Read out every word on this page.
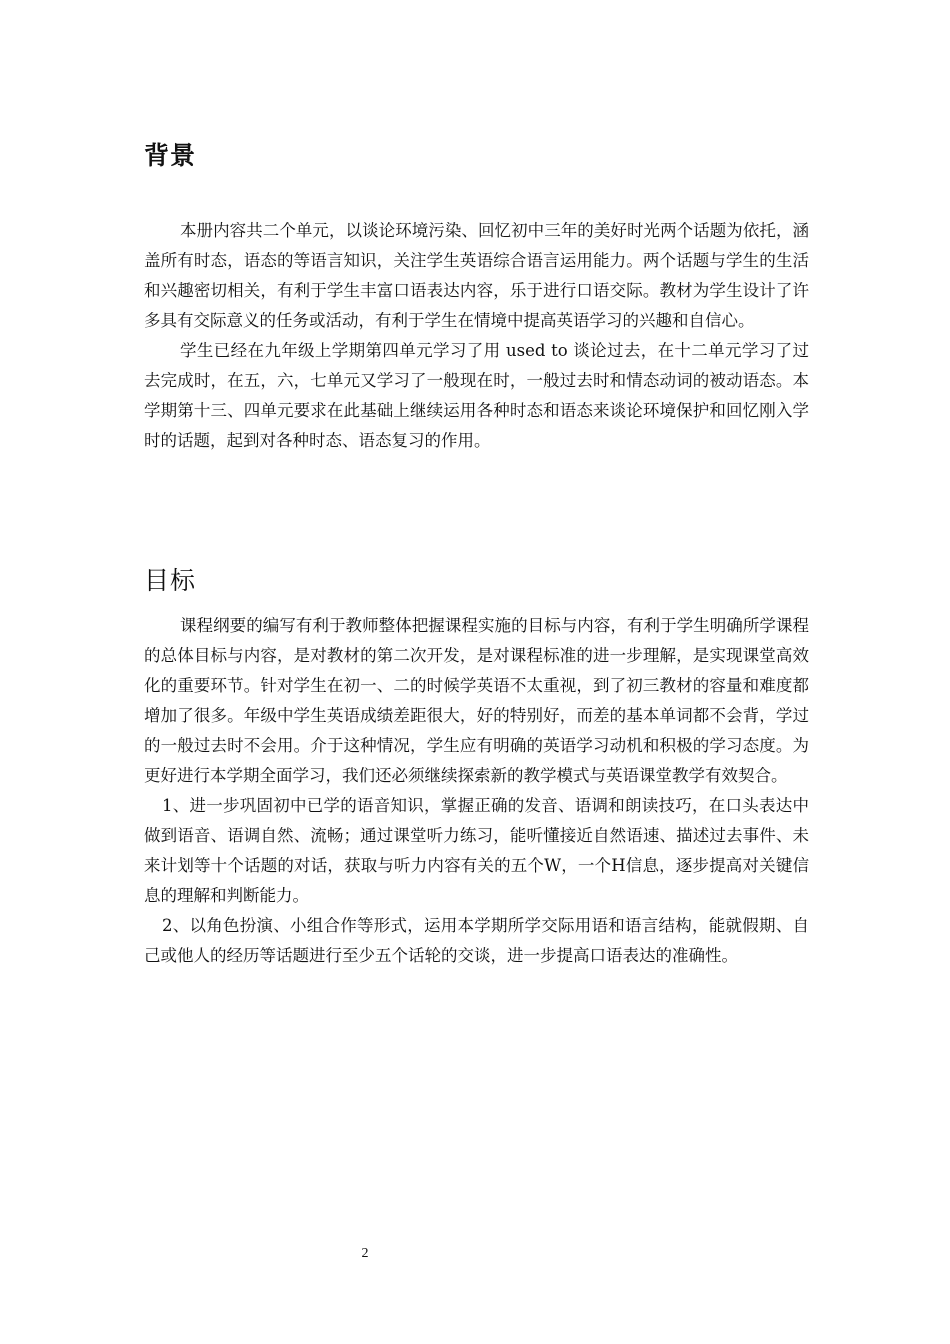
背景

本册内容共二个单元，以谈论环境污染、回忆初中三年的美好时光两个话题为依托，涵盖所有时态，语态的等语言知识，关注学生英语综合语言运用能力。两个话题与学生的生活和兴趣密切相关，有利于学生丰富口语表达内容，乐于进行口语交际。教材为学生设计了许多具有交际意义的任务或活动，有利于学生在情境中提高英语学习的兴趣和自信心。

学生已经在九年级上学期第四单元学习了用 used to 谈论过去，在十二单元学习了过去完成时，在五，六，七单元又学习了一般现在时，一般过去时和情态动词的被动语态。本学期第十三、四单元要求在此基础上继续运用各种时态和语态来谈论环境保护和回忆刚入学时的话题，起到对各种时态、语态复习的作用。

目标

课程纲要的编写有利于教师整体把握课程实施的目标与内容，有利于学生明确所学课程的总体目标与内容，是对教材的第二次开发，是对课程标准的进一步理解，是实现课堂高效化的重要环节。针对学生在初一、二的时候学英语不太重视，到了初三教材的容量和难度都增加了很多。年级中学生英语成绩差距很大，好的特别好，而差的基本单词都不会背，学过的一般过去时不会用。介于这种情况，学生应有明确的英语学习动机和积极的学习态度。为更好进行本学期全面学习，我们还必须继续探索新的教学模式与英语课堂教学有效契合。

1、进一步巩固初中已学的语音知识，掌握正确的发音、语调和朗读技巧，在口头表达中做到语音、语调自然、流畅；通过课堂听力练习，能听懂接近自然语速、描述过去事件、未来计划等十个话题的对话，获取与听力内容有关的五个W，一个H信息，逐步提高对关键信息的理解和判断能力。

2、以角色扮演、小组合作等形式，运用本学期所学交际用语和语言结构，能就假期、自己或他人的经历等话题进行至少五个话轮的交谈，进一步提高口语表达的准确性。

2
